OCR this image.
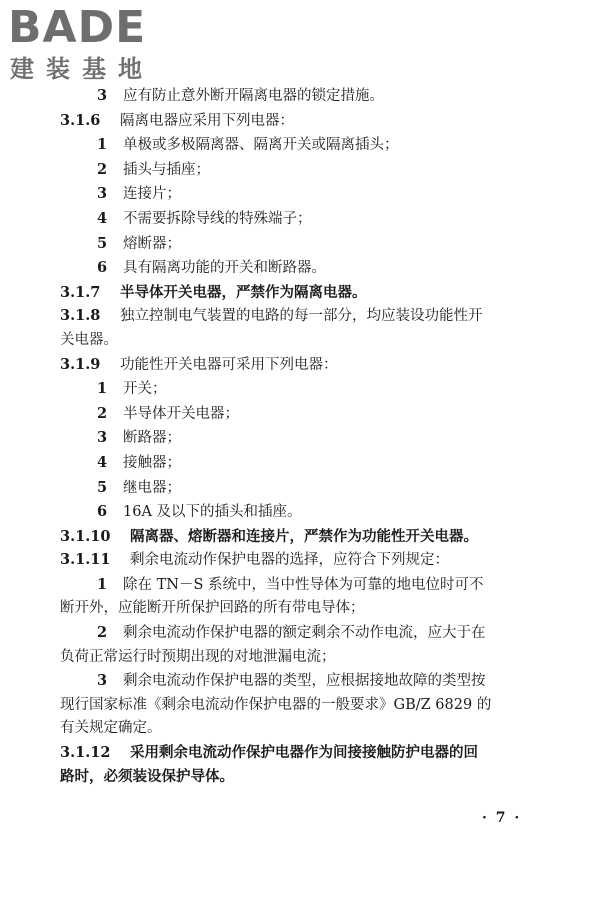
BADE
建装基地
3 应有防止意外断开隔离电器的锁定措施。
3.1.6 隔离电器应采用下列电器：
1 单极或多极隔离器、隔离开关或隔离插头；
2 插头与插座；
3 连接片；
4 不需要拆除导线的特殊端子；
5 熔断器；
6 具有隔离功能的开关和断路器。
3.1.7 半导体开关电器，严禁作为隔离电器。
3.1.8 独立控制电气装置的电路的每一部分，均应装设功能性开
关电器。
3.1.9 功能性开关电器可采用下列电器：
1 开关；
2 半导体开关电器；
3 断路器；
4 接触器；
5 继电器；
6 16A 及以下的插头和插座。
3.1.10 隔离器、熔断器和连接片，严禁作为功能性开关电器。
3.1.11 剩余电流动作保护电器的选择，应符合下列规定：
1 除在 TN－S 系统中，当中性导体为可靠的地电位时可不
断开外，应能断开所保护回路的所有带电导体；
2 剩余电流动作保护电器的额定剩余不动作电流，应大于在
负荷正常运行时预期出现的对地泄漏电流；
3 剩余电流动作保护电器的类型，应根据接地故障的类型按
现行国家标准《剩余电流动作保护电器的一般要求》GB/Z 6829 的
有关规定确定。
3.1.12 采用剩余电流动作保护电器作为间接接触防护电器的回
路时，必须装设保护导体。
· 7 ·
